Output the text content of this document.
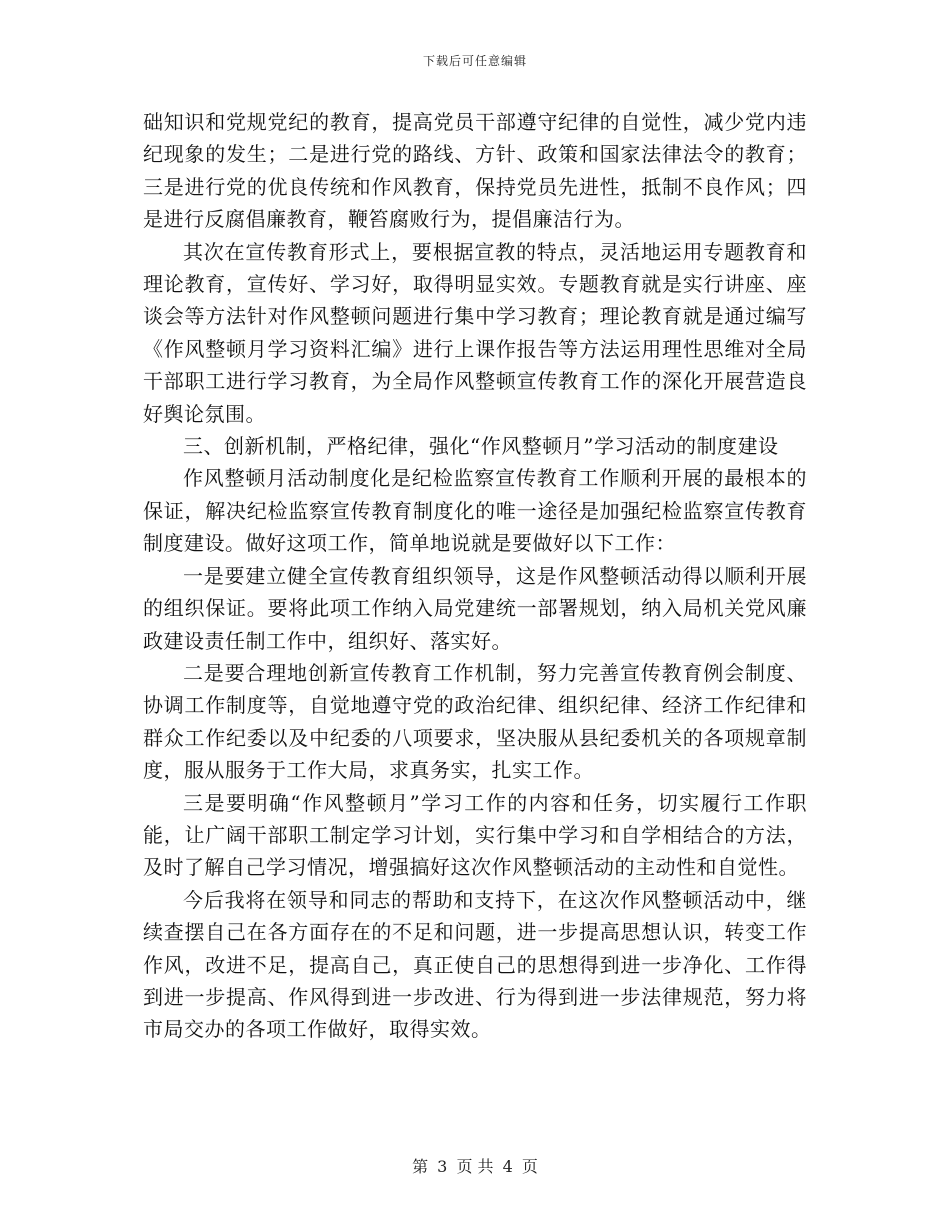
下载后可任意编辑

础知识和党规党纪的教育，提高党员干部遵守纪律的自觉性，减少党内违纪现象的发生；二是进行党的路线、方针、政策和国家法律法令的教育；三是进行党的优良传统和作风教育，保持党员先进性，抵制不良作风；四是进行反腐倡廉教育，鞭笞腐败行为，提倡廉洁行为。

其次在宣传教育形式上，要根据宣教的特点，灵活地运用专题教育和理论教育，宣传好、学习好，取得明显实效。专题教育就是实行讲座、座谈会等方法针对作风整顿问题进行集中学习教育；理论教育就是通过编写《作风整顿月学习资料汇编》进行上课作报告等方法运用理性思维对全局干部职工进行学习教育，为全局作风整顿宣传教育工作的深化开展营造良好舆论氛围。

三、创新机制，严格纪律，强化“作风整顿月”学习活动的制度建设

作风整顿月活动制度化是纪检监察宣传教育工作顺利开展的最根本的保证，解决纪检监察宣传教育制度化的唯一途径是加强纪检监察宣传教育制度建设。做好这项工作，简单地说就是要做好以下工作：

一是要建立健全宣传教育组织领导，这是作风整顿活动得以顺利开展的组织保证。要将此项工作纳入局党建统一部署规划，纳入局机关党风廉政建设责任制工作中，组织好、落实好。

二是要合理地创新宣传教育工作机制，努力完善宣传教育例会制度、协调工作制度等，自觉地遵守党的政治纪律、组织纪律、经济工作纪律和群众工作纪委以及中纪委的八项要求，坚决服从县纪委机关的各项规章制度，服从服务于工作大局，求真务实，扎实工作。

三是要明确“作风整顿月”学习工作的内容和任务，切实履行工作职能，让广阔干部职工制定学习计划，实行集中学习和自学相结合的方法，及时了解自己学习情况，增强搞好这次作风整顿活动的主动性和自觉性。

今后我将在领导和同志的帮助和支持下，在这次作风整顿活动中，继续查摆自己在各方面存在的不足和问题，进一步提高思想认识，转变工作作风，改进不足，提高自己，真正使自己的思想得到进一步净化、工作得到进一步提高、作风得到进一步改进、行为得到进一步法律规范，努力将市局交办的各项工作做好，取得实效。

第 3 页 共 4 页
